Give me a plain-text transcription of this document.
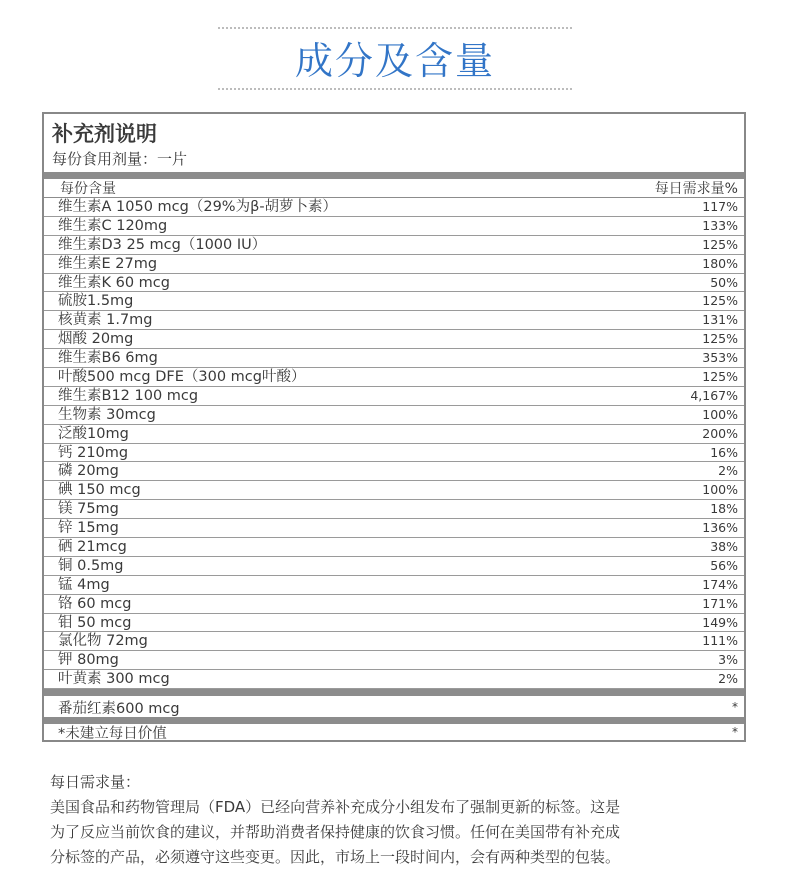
成分及含量
补充剂说明
每份食用剂量：一片
每份含量	每日需求量%
维生素A 1050 mcg（29%为β-胡萝卜素）	117%
维生素C 120mg	133%
维生素D3 25 mcg（1000 IU）	125%
维生素E 27mg	180%
维生素K 60 mcg	50%
硫胺1.5mg	125%
核黄素 1.7mg	131%
烟酸 20mg	125%
维生素B6 6mg	353%
叶酸500 mcg DFE（300 mcg叶酸）	125%
维生素B12 100 mcg	4,167%
生物素 30mcg	100%
泛酸10mg	200%
钙 210mg	16%
磷 20mg	2%
碘 150 mcg	100%
镁 75mg	18%
锌 15mg	136%
硒 21mcg	38%
铜 0.5mg	56%
锰 4mg	174%
铬 60 mcg	171%
钼 50 mcg	149%
氯化物 72mg	111%
钾 80mg	3%
叶黄素 300 mcg	2%
番茄红素600 mcg	*
*未建立每日价值	*
每日需求量：
美国食品和药物管理局（FDA）已经向营养补充成分小组发布了强制更新的标签。这是
为了反应当前饮食的建议，并帮助消费者保持健康的饮食习惯。任何在美国带有补充成
分标签的产品，必须遵守这些变更。因此，市场上一段时间内，会有两种类型的包装。
